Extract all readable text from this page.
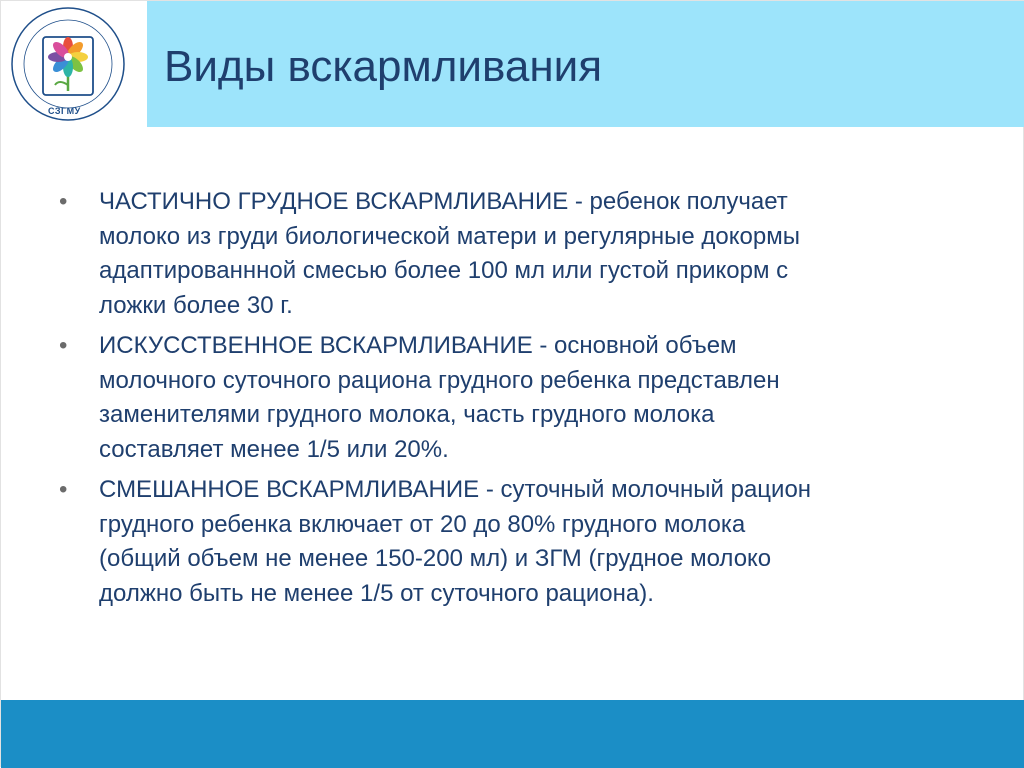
СЗГМУ
Виды вскармливания
•	ЧАСТИЧНО ГРУДНОЕ ВСКАРМЛИВАНИЕ - ребенок получает
молоко из груди биологической матери и регулярные докормы
адаптированнной смесью более 100 мл или густой прикорм с
ложки более 30 г.
•	ИСКУССТВЕННОЕ ВСКАРМЛИВАНИЕ - основной объем
молочного суточного рациона грудного ребенка представлен
заменителями грудного молока, часть грудного молока
составляет менее 1/5 или 20%.
•	СМЕШАННОЕ ВСКАРМЛИВАНИЕ - суточный молочный рацион
грудного ребенка включает от 20 до 80% грудного молока
(общий объем не менее 150-200 мл) и ЗГМ (грудное молоко
должно быть не менее 1/5 от суточного рациона).
